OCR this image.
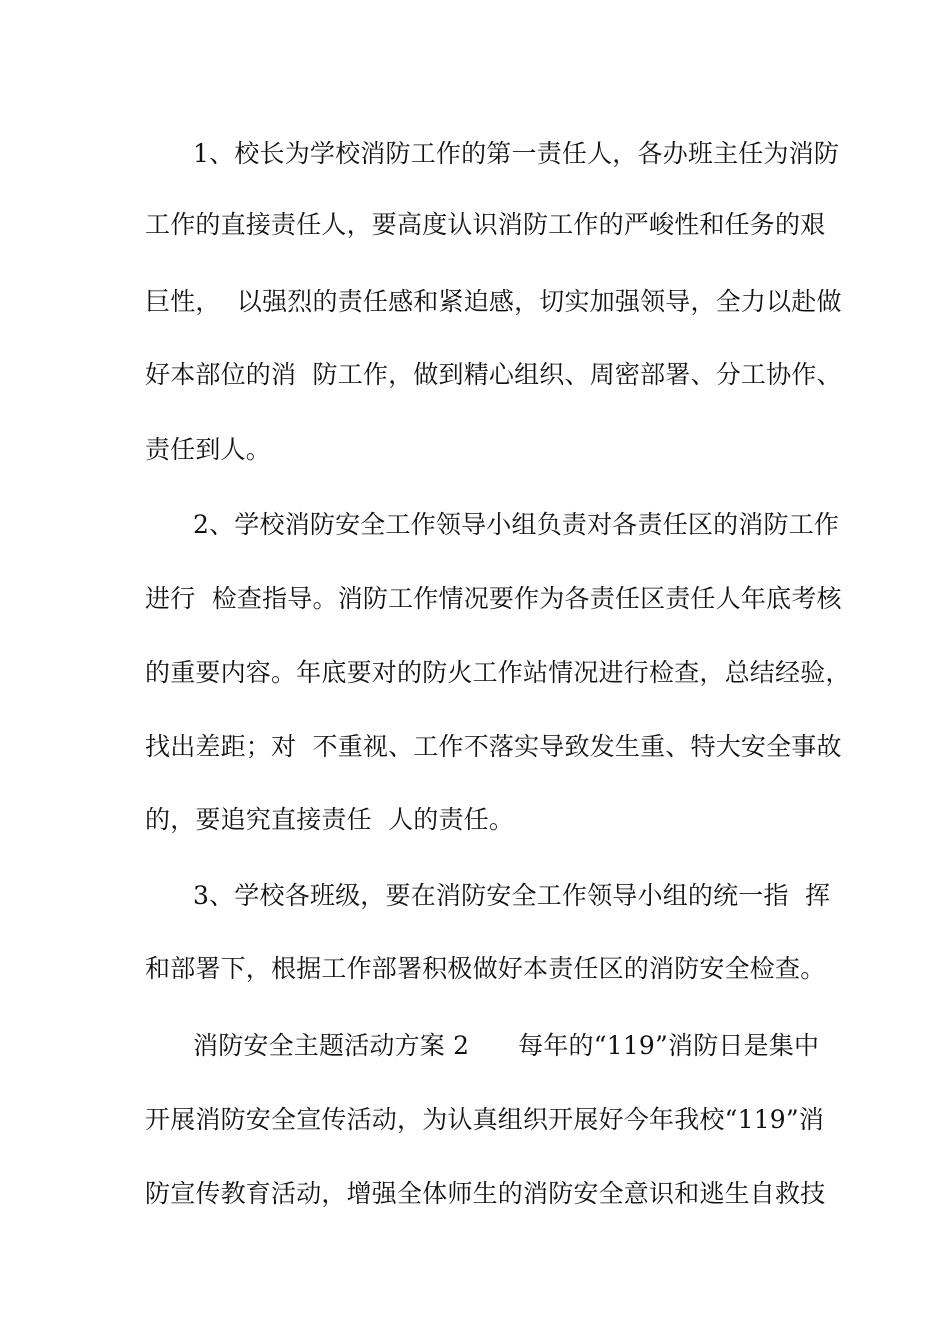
1、校长为学校消防工作的第一责任人，各办班主任为消防
工作的直接责任人，要高度认识消防工作的严峻性和任务的艰
巨性，  以强烈的责任感和紧迫感，切实加强领导，全力以赴做
好本部位的消  防工作，做到精心组织、周密部署、分工协作、
责任到人。
2、学校消防安全工作领导小组负责对各责任区的消防工作
进行  检查指导。消防工作情况要作为各责任区责任人年底考核
的重要内容。年底要对的防火工作站情况进行检查，总结经验，
找出差距；对  不重视、工作不落实导致发生重、特大安全事故
的，要追究直接责任  人的责任。
3、学校各班级，要在消防安全工作领导小组的统一指  挥
和部署下，根据工作部署积极做好本责任区的消防安全检查。
消防安全主题活动方案 2      每年的“119”消防日是集中
开展消防安全宣传活动，为认真组织开展好今年我校“119”消
防宣传教育活动，增强全体师生的消防安全意识和逃生自救技
